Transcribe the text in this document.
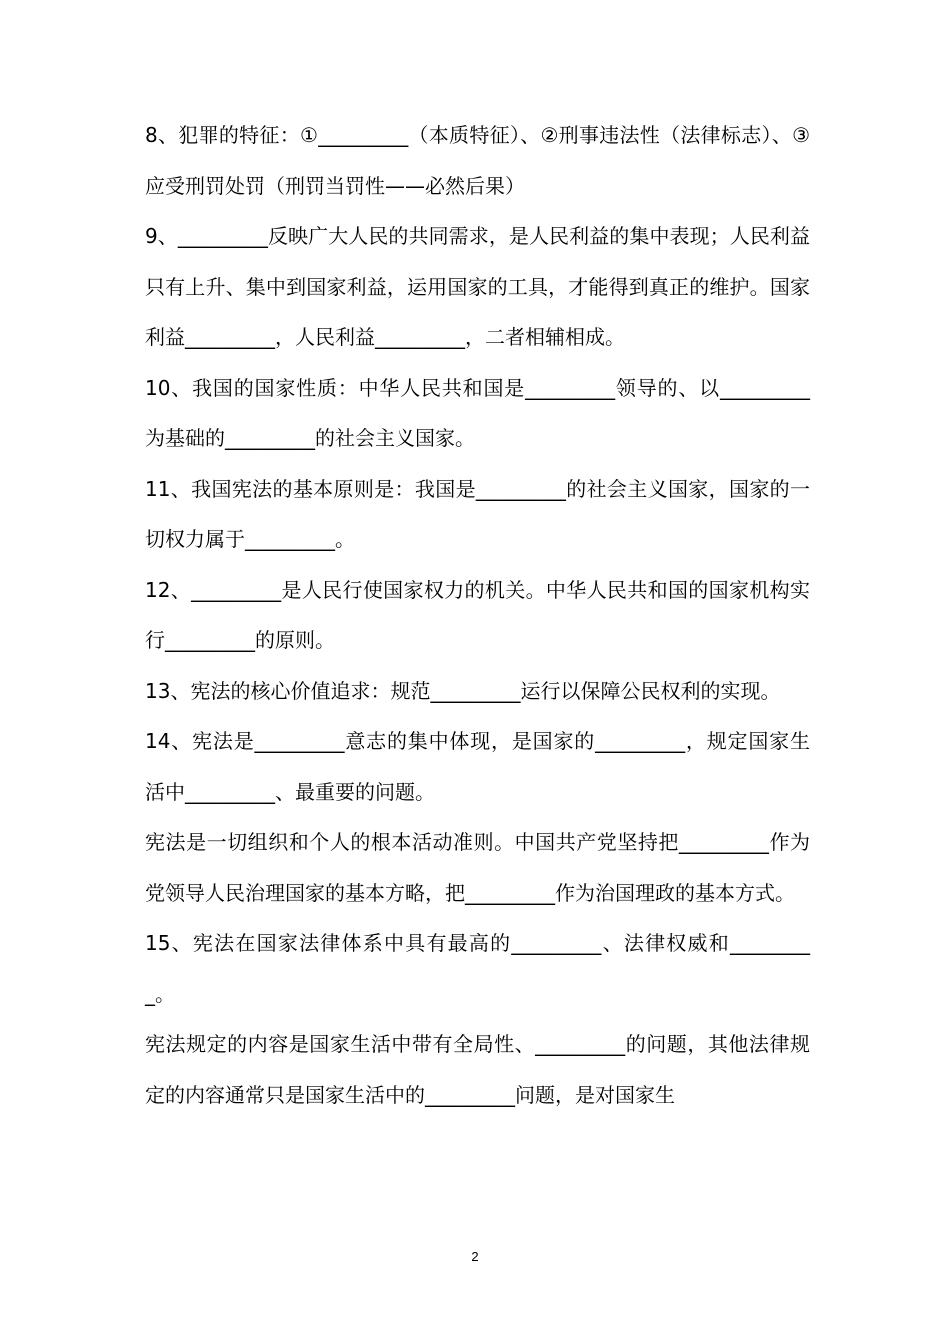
8、犯罪的特征：①_________（本质特征）、②刑事违法性（法律标志）、③应受刑罚处罚（刑罚当罚性——必然后果）

9、_________反映广大人民的共同需求，是人民利益的集中表现；人民利益只有上升、集中到国家利益，运用国家的工具，才能得到真正的维护。国家利益_________，人民利益_________，二者相辅相成。

10、我国的国家性质：中华人民共和国是_________领导的、以_________为基础的_________的社会主义国家。

11、我国宪法的基本原则是：我国是_________的社会主义国家，国家的一切权力属于_________。

12、_________是人民行使国家权力的机关。中华人民共和国的国家机构实行_________的原则。

13、宪法的核心价值追求：规范_________运行以保障公民权利的实现。

14、宪法是_________意志的集中体现，是国家的_________，规定国家生活中_________、最重要的问题。

宪法是一切组织和个人的根本活动准则。中国共产党坚持把_________作为党领导人民治理国家的基本方略，把_________作为治国理政的基本方式。

15、宪法在国家法律体系中具有最高的_________、法律权威和_________。

宪法规定的内容是国家生活中带有全局性、_________的问题，其他法律规定的内容通常只是国家生活中的_________问题，是对国家生

2
